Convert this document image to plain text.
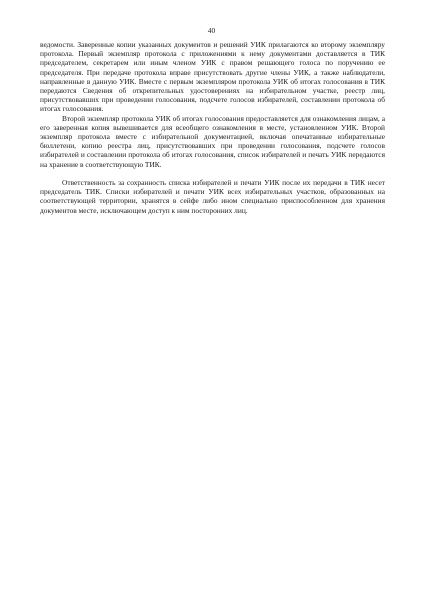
40

ведомости. Заверенные копии указанных документов и решений УИК прилагаются ко второму экземпляру протокола. Первый экземпляр протокола с приложениями к нему документами доставляется в ТИК председателем, секретарем или иным членом УИК с правом решающего голоса по поручению ее председателя. При передаче протокола вправе присутствовать другие члены УИК, а также наблюдатели, направленные в данную УИК. Вместе с первым экземпляром протокола УИК об итогах голосования в ТИК передаются Сведения об открепительных удостоверениях на избирательном участке, реестр лиц, присутствовавших при проведении голосования, подсчете голосов избирателей, составлении протокола об итогах голосования.

Второй экземпляр протокола УИК об итогах голосования предоставляется для ознакомления лицам, а его заверенная копия вывешивается для всеобщего ознакомления в месте, установленном УИК. Второй экземпляр протокола вместе с избирательной документацией, включая опечатанные избирательные бюллетени, копию реестра лиц, присутствовавших при проведении голосования, подсчете голосов избирателей и составлении протокола об итогах голосования, список избирателей и печать УИК передаются на хранение в соответствующую ТИК.

Ответственность за сохранность списка избирателей и печати УИК после их передачи в ТИК несет председатель ТИК. Списки избирателей и печати УИК всех избирательных участков, образованных на соответствующей территории, хранятся в сейфе либо ином специально приспособленном для хранения документов месте, исключающем доступ к ним посторонних лиц.
